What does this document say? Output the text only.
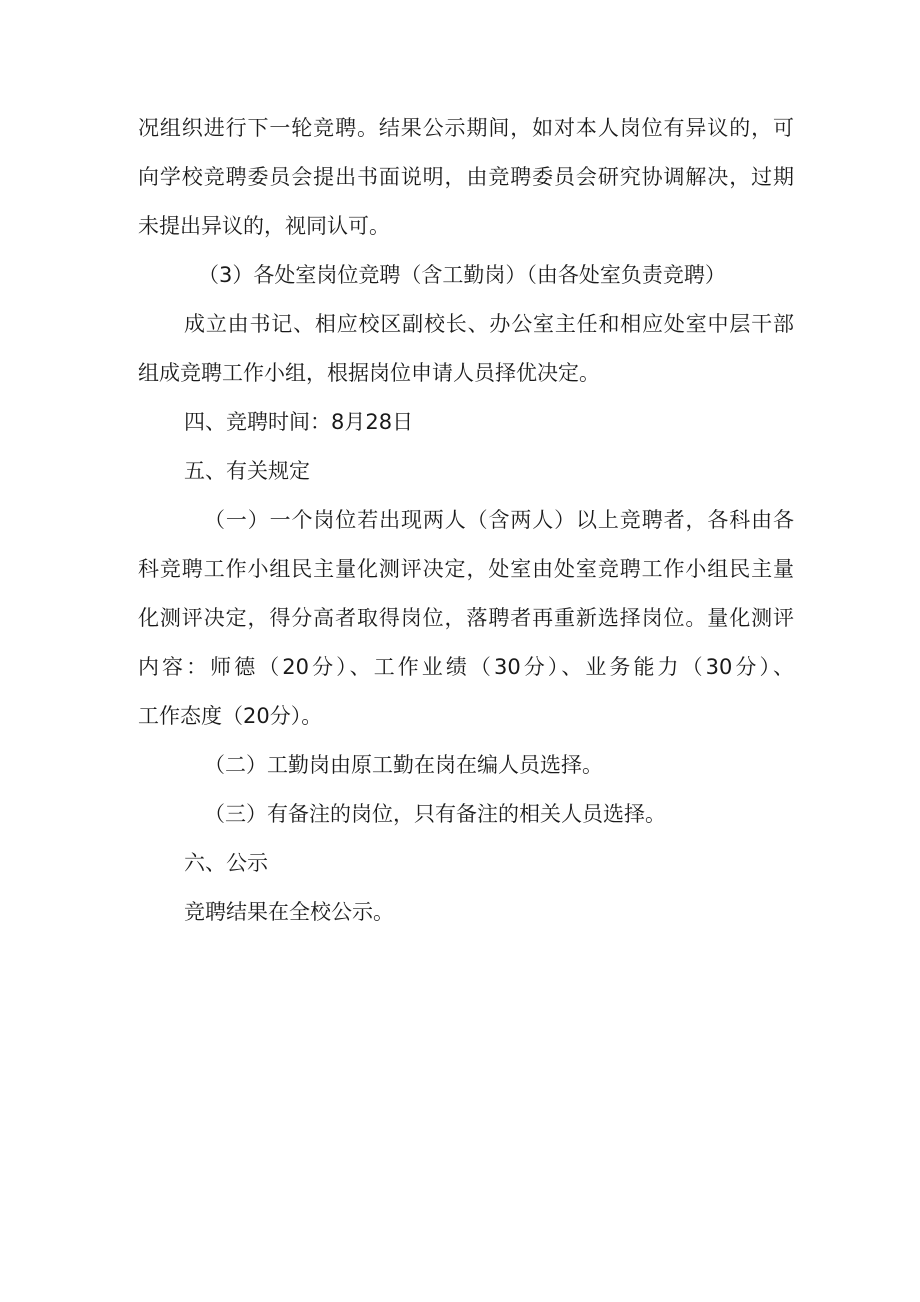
况组织进行下一轮竞聘。结果公示期间，如对本人岗位有异议的，可
向学校竞聘委员会提出书面说明，由竞聘委员会研究协调解决，过期
未提出异议的，视同认可。
（3）各处室岗位竞聘（含工勤岗）（由各处室负责竞聘）
成立由书记、相应校区副校长、办公室主任和相应处室中层干部
组成竞聘工作小组，根据岗位申请人员择优决定。
四、竞聘时间：8月28日
五、有关规定
（一）一个岗位若出现两人（含两人）以上竞聘者，各科由各
科竞聘工作小组民主量化测评决定，处室由处室竞聘工作小组民主量
化测评决定，得分高者取得岗位，落聘者再重新选择岗位。量化测评
内容：师德（20分）、工作业绩（30分）、业务能力（30分）、
工作态度（20分）。
（二）工勤岗由原工勤在岗在编人员选择。
（三）有备注的岗位，只有备注的相关人员选择。
六、公示
竞聘结果在全校公示。
